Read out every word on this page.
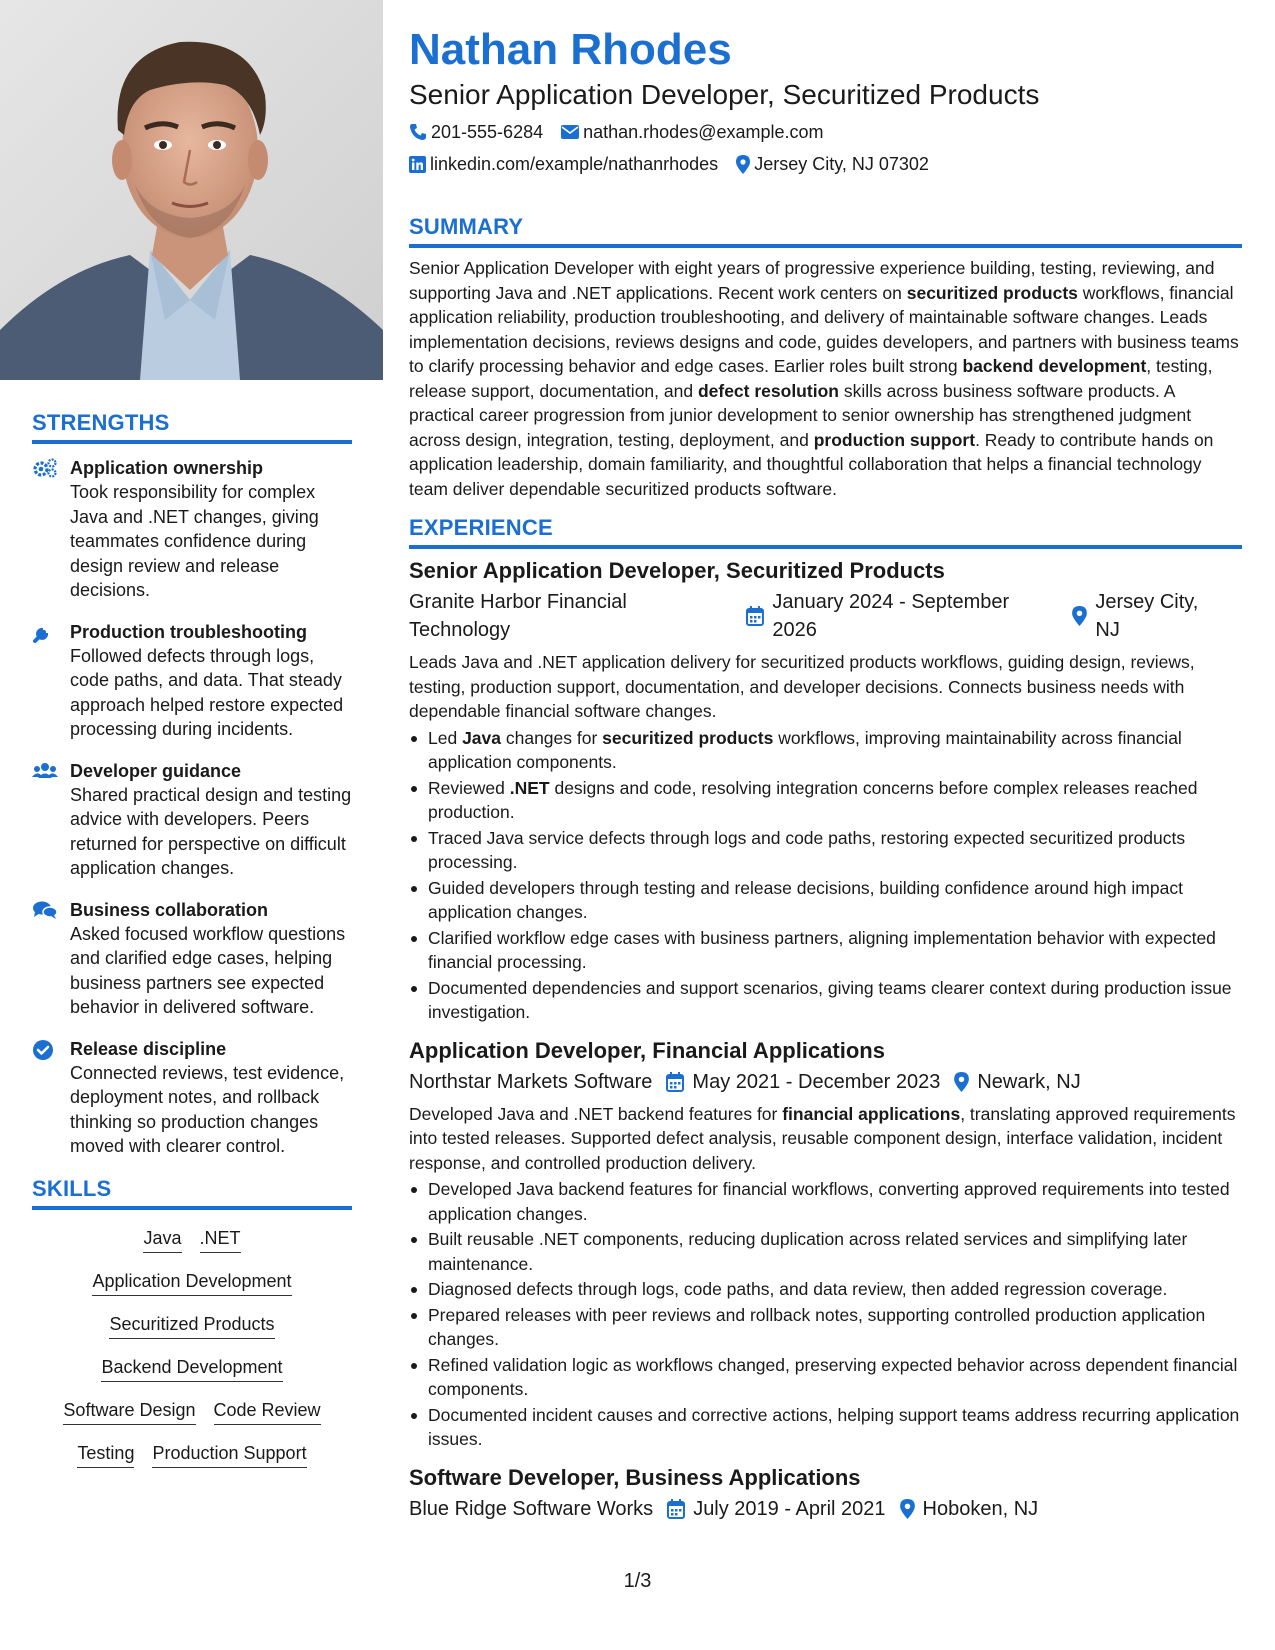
STRENGTHS
Application ownership
Took responsibility for complex Java and .NET changes, giving teammates confidence during design review and release decisions.
Production troubleshooting
Followed defects through logs, code paths, and data. That steady approach helped restore expected processing during incidents.
Developer guidance
Shared practical design and testing advice with developers. Peers returned for perspective on difficult application changes.
Business collaboration
Asked focused workflow questions and clarified edge cases, helping business partners see expected behavior in delivered software.
Release discipline
Connected reviews, test evidence, deployment notes, and rollback thinking so production changes moved with clearer control.
SKILLS
Java .NET
Application Development
Securitized Products
Backend Development
Software Design Code Review
Testing Production Support
Nathan Rhodes
Senior Application Developer, Securitized Products
201-555-6284 nathan.rhodes@example.com
linkedin.com/example/nathanrhodes Jersey City, NJ 07302
SUMMARY

Senior Application Developer with eight years of progressive experience building, testing, reviewing, and supporting Java and .NET applications. Recent work centers on securitized products workflows, financial application reliability, production troubleshooting, and delivery of maintainable software changes. Leads implementation decisions, reviews designs and code, guides developers, and partners with business teams to clarify processing behavior and edge cases. Earlier roles built strong backend development, testing, release support, documentation, and defect resolution skills across business software products. A practical career progression from junior development to senior ownership has strengthened judgment across design, integration, testing, deployment, and production support. Ready to contribute hands on application leadership, domain familiarity, and thoughtful collaboration that helps a financial technology team deliver dependable securitized products software.

EXPERIENCE
Senior Application Developer, Securitized Products
Granite Harbor Financial Technology
January 2024 - September 2026
Jersey City, NJ

Leads Java and .NET application delivery for securitized products workflows, guiding design, reviews, testing, production support, documentation, and developer decisions. Connects business needs with dependable financial software changes.

Led Java changes for securitized products workflows, improving maintainability across financial application components.
Reviewed .NET designs and code, resolving integration concerns before complex releases reached production.
Traced Java service defects through logs and code paths, restoring expected securitized products processing.
Guided developers through testing and release decisions, building confidence around high impact application changes.
Clarified workflow edge cases with business partners, aligning implementation behavior with expected financial processing.
Documented dependencies and support scenarios, giving teams clearer context during production issue investigation.
Application Developer, Financial Applications
Northstar Markets Software May 2021 - December 2023 Newark, NJ

Developed Java and .NET backend features for financial applications, translating approved requirements into tested releases. Supported defect analysis, reusable component design, interface validation, incident response, and controlled production delivery.

Developed Java backend features for financial workflows, converting approved requirements into tested application changes.
Built reusable .NET components, reducing duplication across related services and simplifying later maintenance.
Diagnosed defects through logs, code paths, and data review, then added regression coverage.
Prepared releases with peer reviews and rollback notes, supporting controlled production application changes.
Refined validation logic as workflows changed, preserving expected behavior across dependent financial components.
Documented incident causes and corrective actions, helping support teams address recurring application issues.
Software Developer, Business Applications
Blue Ridge Software Works July 2019 - April 2021 Hoboken, NJ
1/3
